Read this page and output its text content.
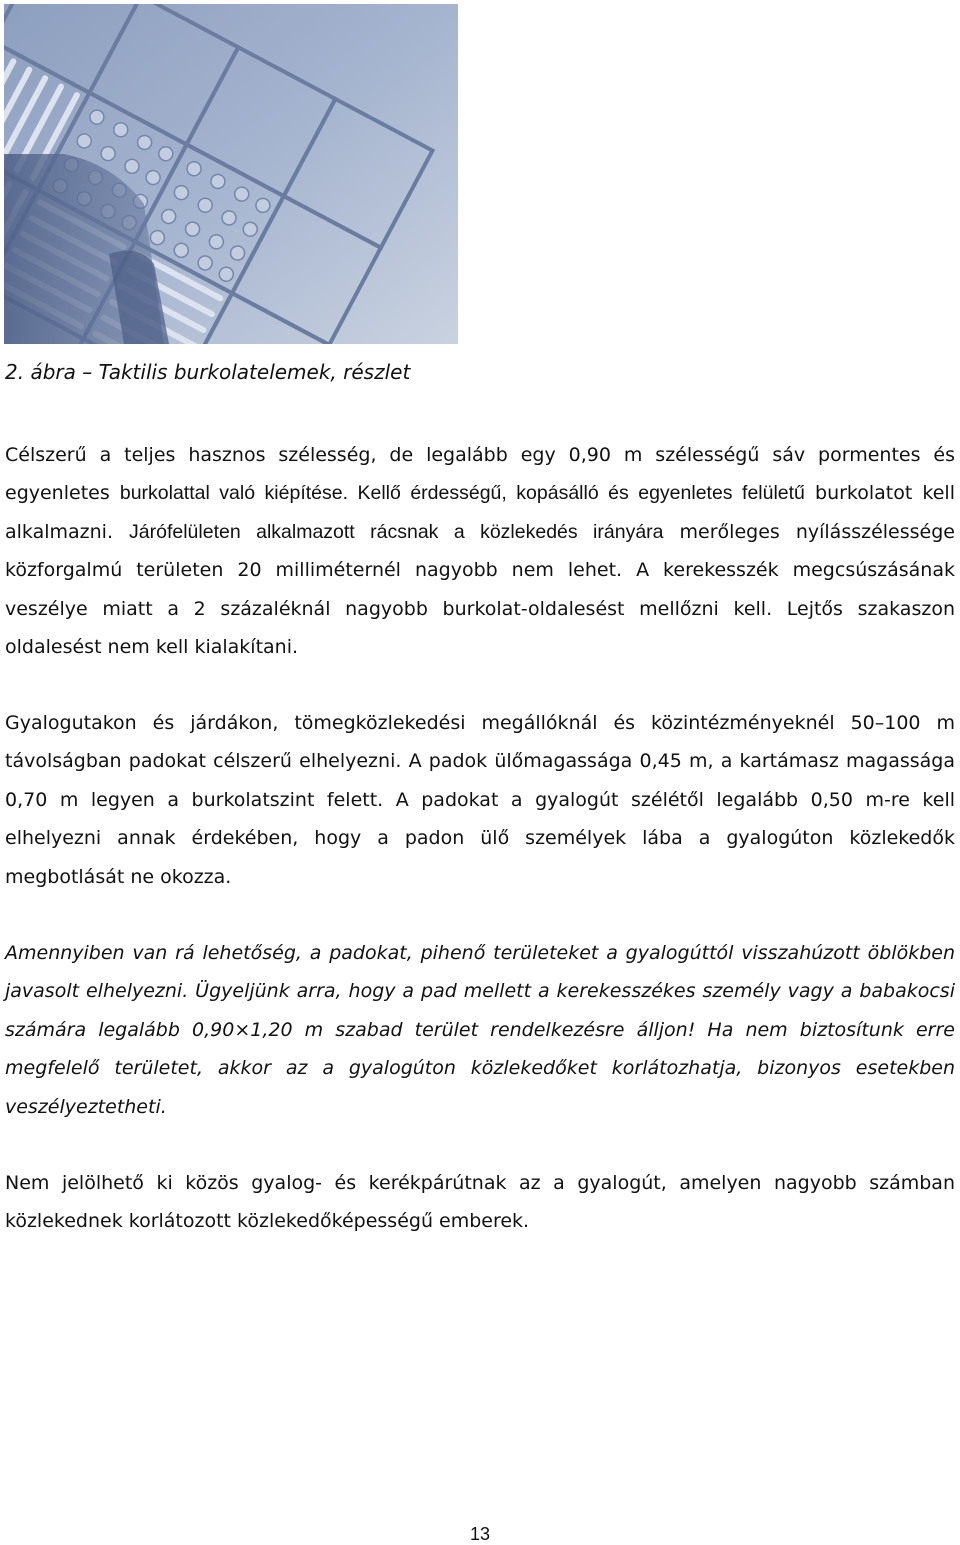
2. ábra – Taktilis burkolatelemek, részlet

Célszerű a teljes hasznos szélesség, de legalább egy 0,90 m szélességű sáv pormentes és egyenletes burkolattal való kiépítése. Kellő érdességű, kopásálló és egyenletes felületű burkolatot kell alkalmazni. Járófelületen alkalmazott rácsnak a közlekedés irányára merőleges nyílásszélessége közforgalmú területen 20 milliméternél nagyobb nem lehet. A kerekesszék megcsúszásának veszélye miatt a 2 százaléknál nagyobb burkolat-oldalesést mellőzni kell. Lejtős szakaszon oldalesést nem kell kialakítani.

Gyalogutakon és járdákon, tömegközlekedési megállóknál és közintézményeknél 50–100 m távolságban padokat célszerű elhelyezni. A padok ülőmagassága 0,45 m, a kartámasz magassága 0,70 m legyen a burkolatszint felett. A padokat a gyalogút szélétől legalább 0,50 m-re kell elhelyezni annak érdekében, hogy a padon ülő személyek lába a gyalogúton közlekedők megbotlását ne okozza.

Amennyiben van rá lehetőség, a padokat, pihenő területeket a gyalogúttól visszahúzott öblökben javasolt elhelyezni. Ügyeljünk arra, hogy a pad mellett a kerekesszékes személy vagy a babakocsi számára legalább 0,90×1,20 m szabad terület rendelkezésre álljon! Ha nem biztosítunk erre megfelelő területet, akkor az a gyalogúton közlekedőket korlátozhatja, bizonyos esetekben veszélyeztetheti.

Nem jelölhető ki közös gyalog- és kerékpárútnak az a gyalogút, amelyen nagyobb számban közlekednek korlátozott közlekedőképességű emberek.

13
